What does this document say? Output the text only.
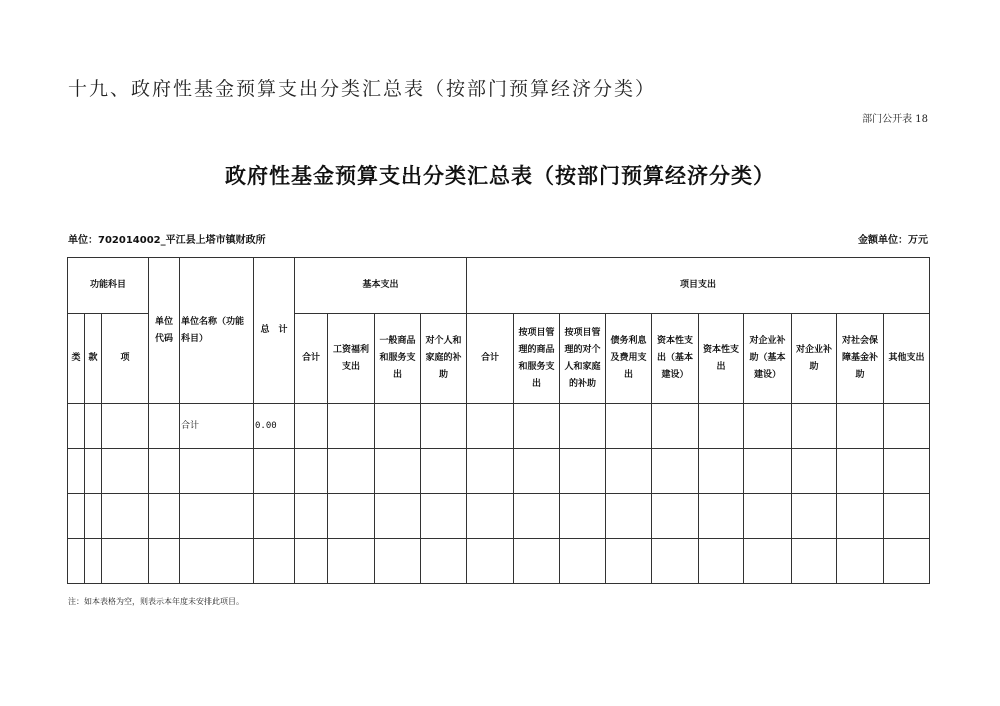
十九、政府性基金预算支出分类汇总表（按部门预算经济分类）
部门公开表 18
政府性基金预算支出分类汇总表（按部门预算经济分类）
单位：702014002_平江县上塔市镇财政所	金额单位：万元
功能科目			单位代码	单位名称（功能科目）	总　计	基本支出				项目支出									
类	款	项				合计	工资福利支出	一般商品和服务支出	对个人和家庭的补助	合计	按项目管理的商品和服务支出	按项目管理的对个人和家庭的补助	债务利息及费用支出	资本性支出（基本建设）	资本性支出	对企业补助（基本建设）	对企业补助	对社会保障基金补助	其他支出
				合计	0.00														

注：如本表格为空，则表示本年度未安排此项目。
